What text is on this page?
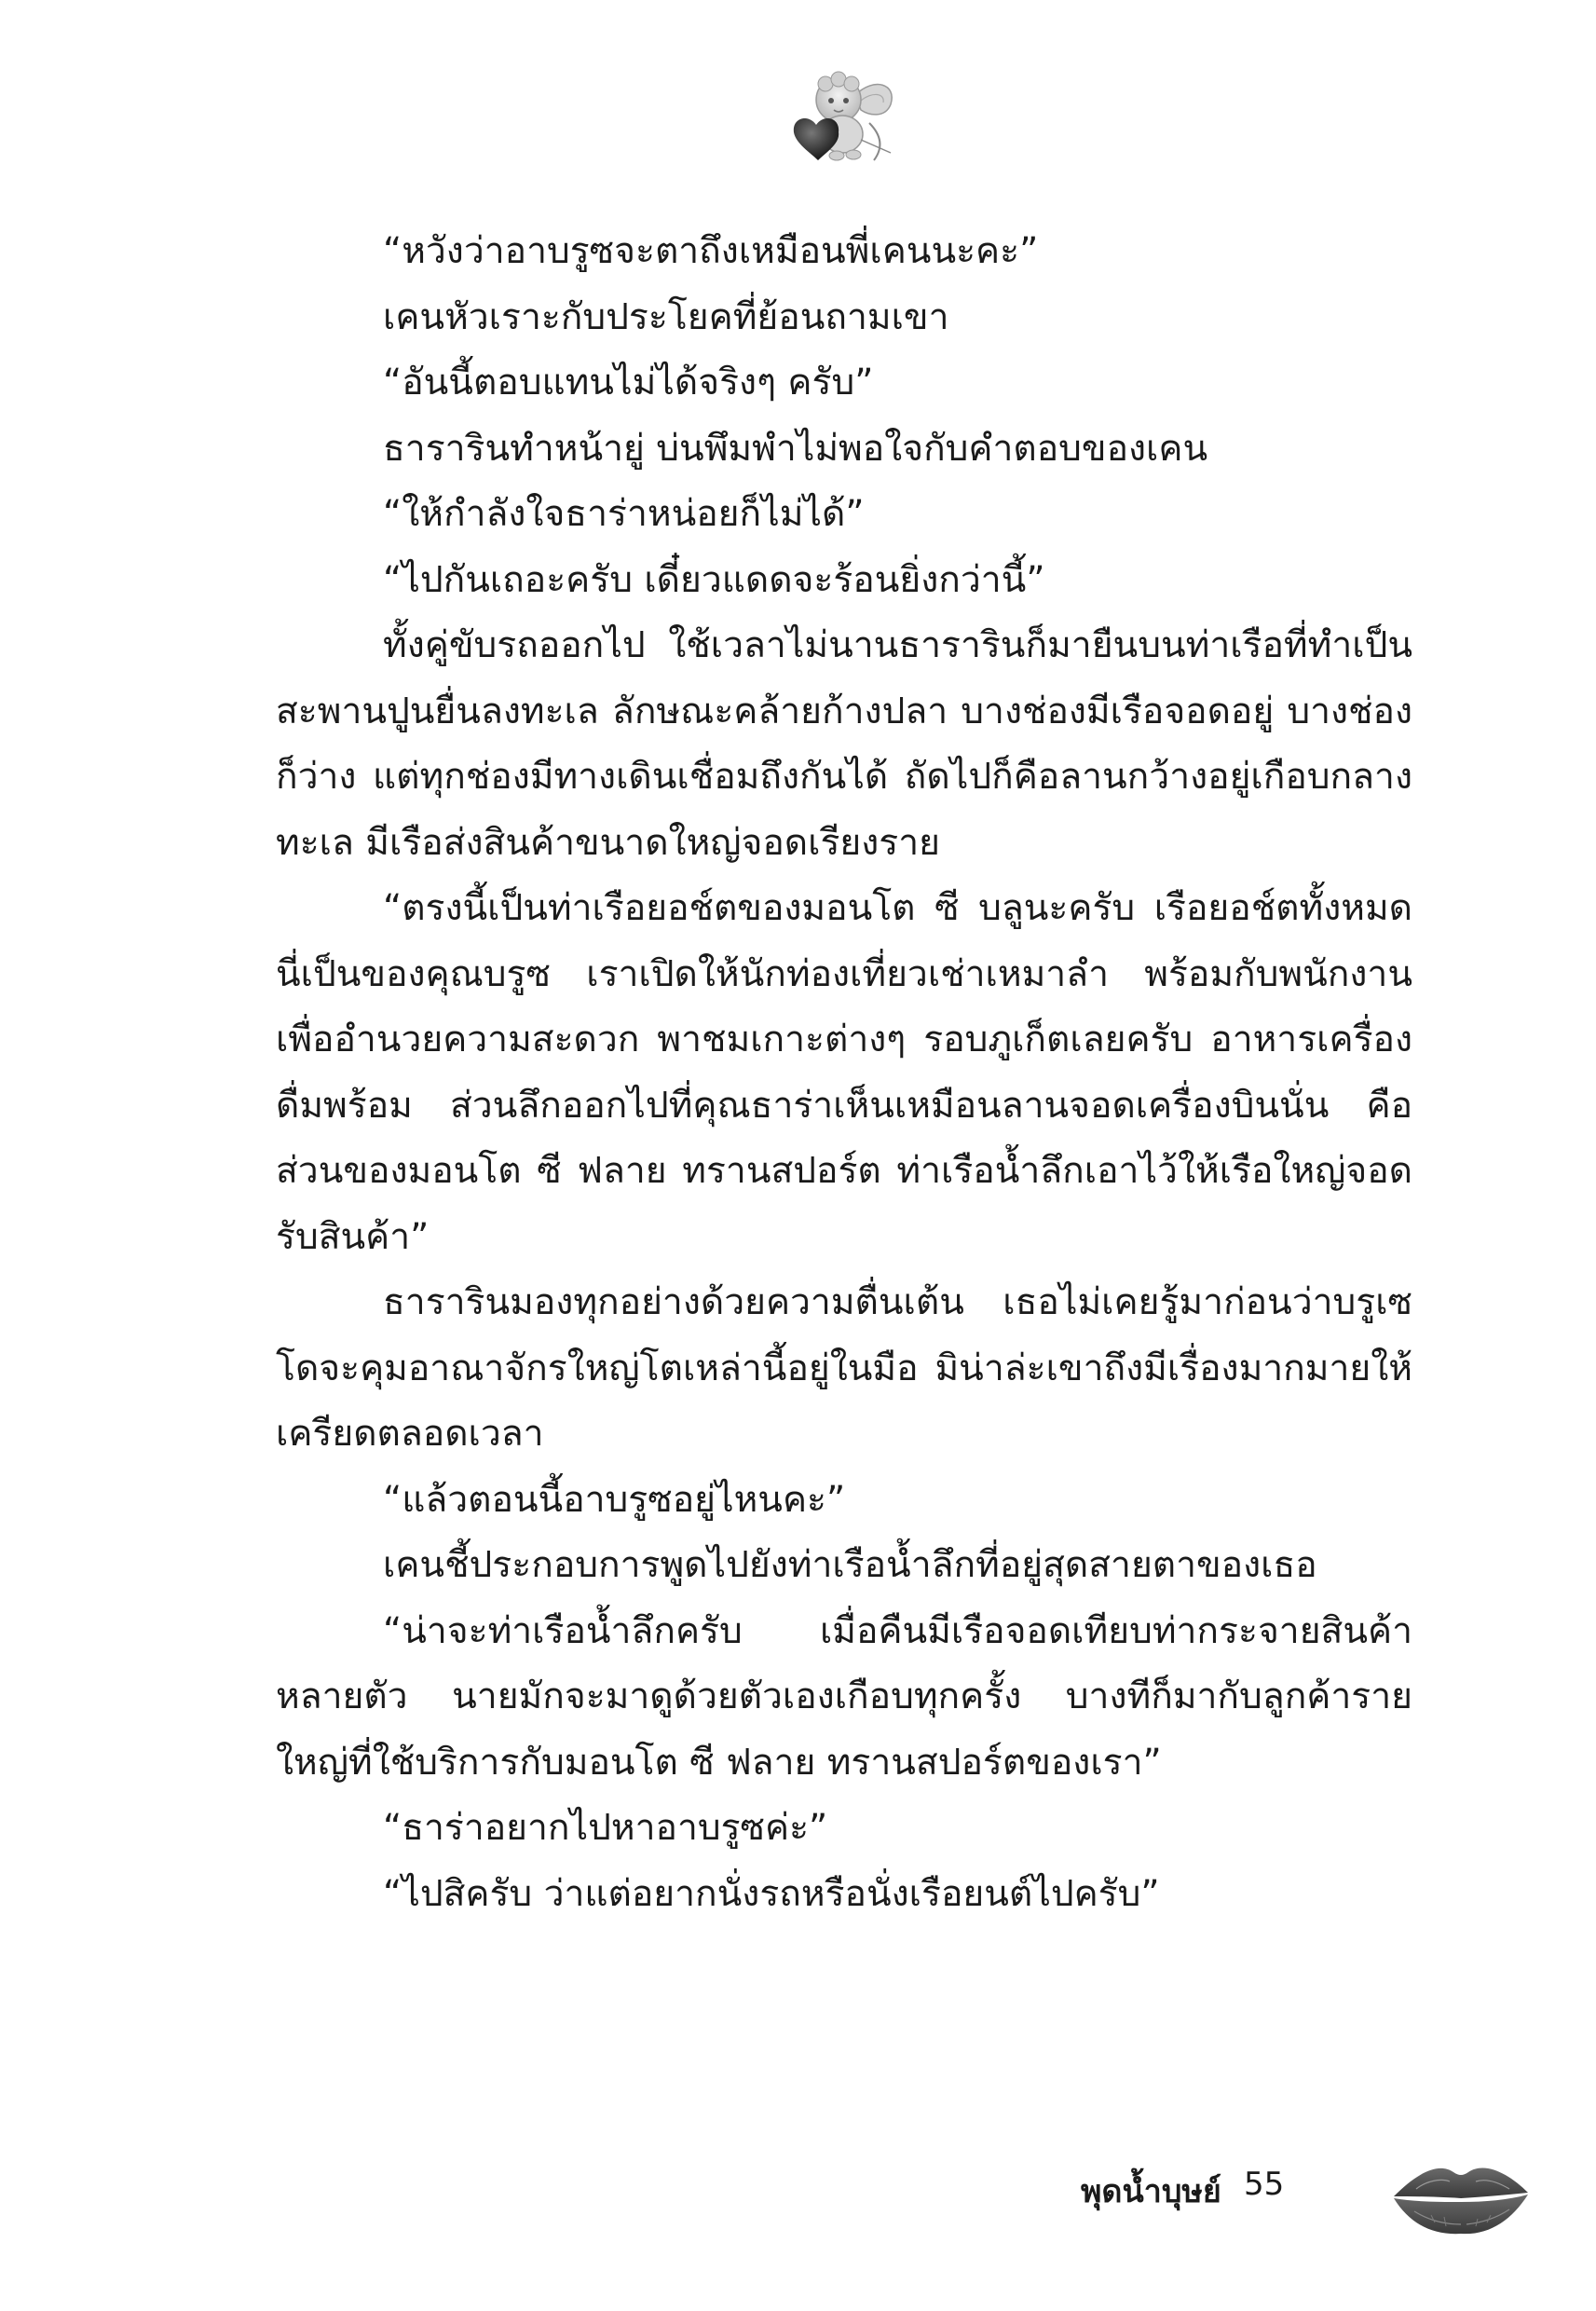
“หวังว่าอาบรูซจะตาถึงเหมือนพี่เคนนะคะ”

เคนหัวเราะกับประโยคที่ย้อนถามเขา

“อันนี้ตอบแทนไม่ได้จริงๆ ครับ”

ธารารินทำหน้ายู่ บ่นพึมพำไม่พอใจกับคำตอบของเคน

“ให้กำลังใจธาร่าหน่อยก็ไม่ได้”

“ไปกันเถอะครับ เดี๋ยวแดดจะร้อนยิ่งกว่านี้”

ทั้งคู่ขับรถออกไป ใช้เวลาไม่นานธารารินก็มายืนบนท่าเรือที่ทำเป็นสะพานปูนยื่นลงทะเล ลักษณะคล้ายก้างปลา บางช่องมีเรือจอดอยู่ บางช่องก็ว่าง แต่ทุกช่องมีทางเดินเชื่อมถึงกันได้ ถัดไปก็คือลานกว้างอยู่เกือบกลางทะเล มีเรือส่งสินค้าขนาดใหญ่จอดเรียงราย

“ตรงนี้เป็นท่าเรือยอช์ตของมอนโต ซี บลูนะครับ เรือยอช์ตทั้งหมดนี่เป็นของคุณบรูซ เราเปิดให้นักท่องเที่ยวเช่าเหมาลำ พร้อมกับพนักงานเพื่ออำนวยความสะดวก พาชมเกาะต่างๆ รอบภูเก็ตเลยครับ อาหารเครื่องดื่มพร้อม ส่วนลึกออกไปที่คุณธาร่าเห็นเหมือนลานจอดเครื่องบินนั่น คือส่วนของมอนโต ซี ฟลาย ทรานสปอร์ต ท่าเรือน้ำลึกเอาไว้ให้เรือใหญ่จอดรับสินค้า”

ธารารินมองทุกอย่างด้วยความตื่นเต้น เธอไม่เคยรู้มาก่อนว่าบรูเซโดจะคุมอาณาจักรใหญ่โตเหล่านี้อยู่ในมือ มิน่าล่ะเขาถึงมีเรื่องมากมายให้เครียดตลอดเวลา

“แล้วตอนนี้อาบรูซอยู่ไหนคะ”

เคนชี้ประกอบการพูดไปยังท่าเรือน้ำลึกที่อยู่สุดสายตาของเธอ

“น่าจะท่าเรือน้ำลึกครับ เมื่อคืนมีเรือจอดเทียบท่ากระจายสินค้าหลายตัว นายมักจะมาดูด้วยตัวเองเกือบทุกครั้ง บางทีก็มากับลูกค้ารายใหญ่ที่ใช้บริการกับมอนโต ซี ฟลาย ทรานสปอร์ตของเรา”

“ธาร่าอยากไปหาอาบรูซค่ะ”

“ไปสิครับ ว่าแต่อยากนั่งรถหรือนั่งเรือยนต์ไปครับ”

พุดน้ำบุษย์ 55
